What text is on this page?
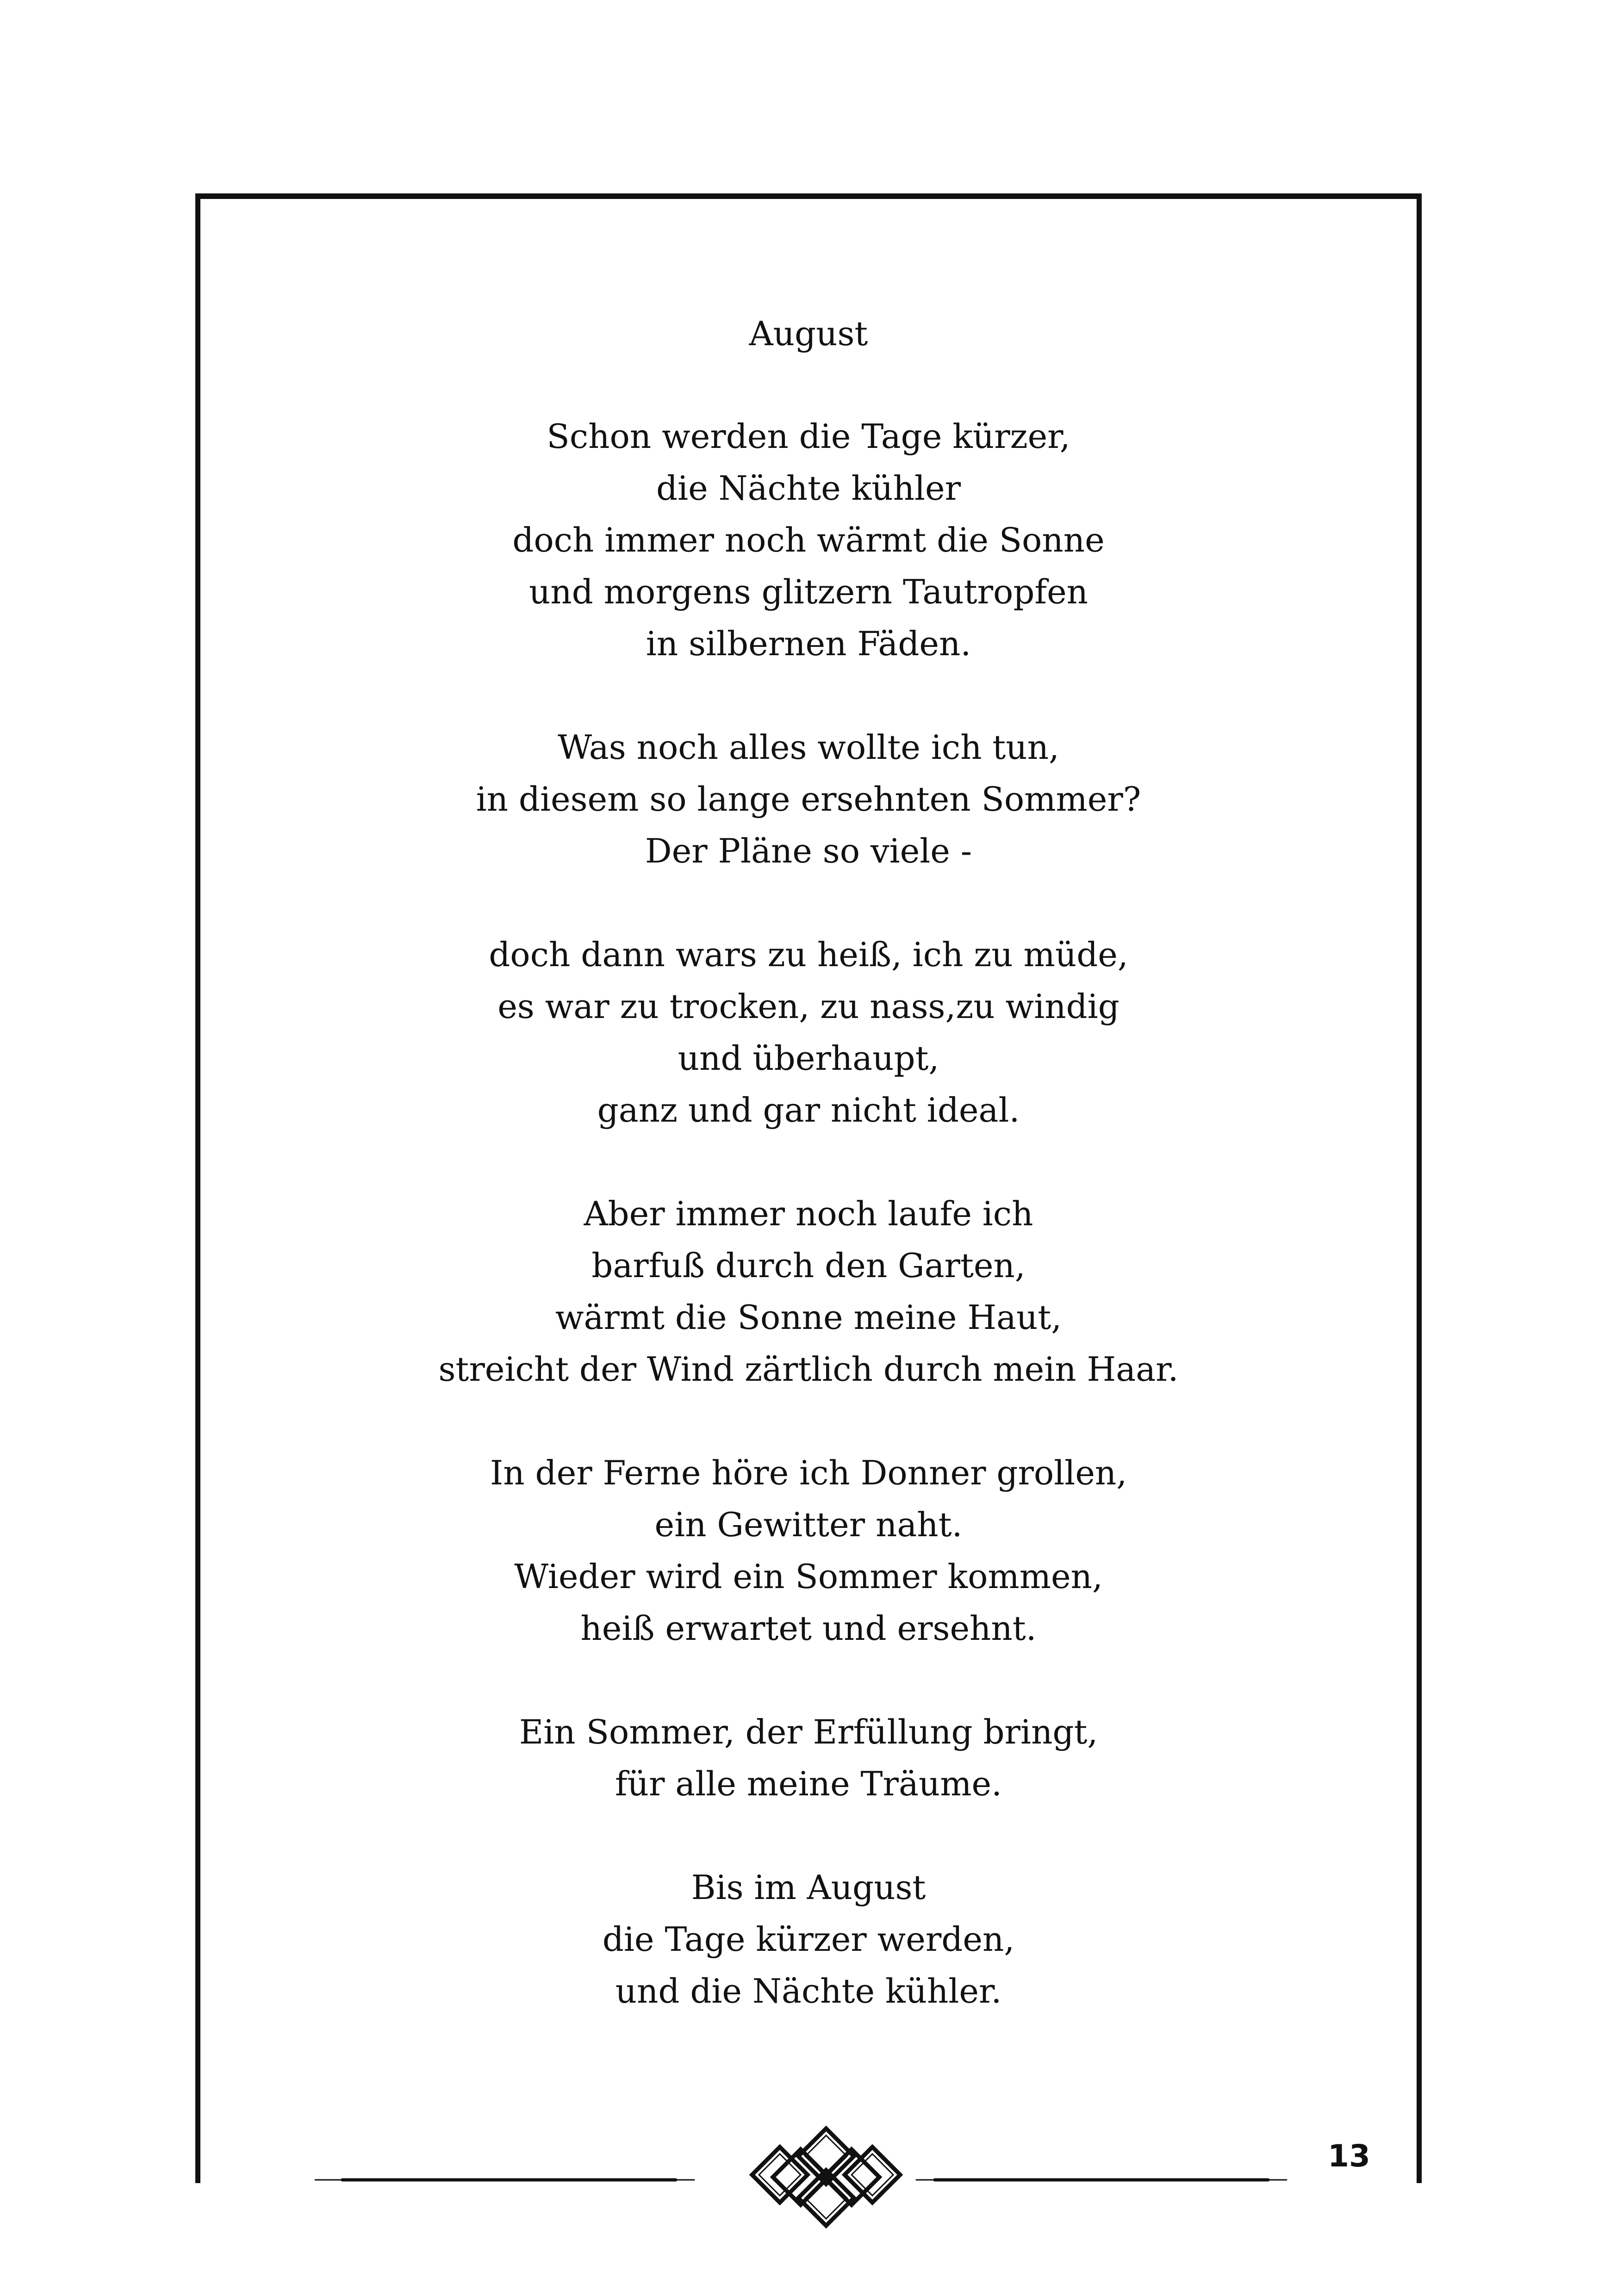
August
Schon werden die Tage kürzer,
die Nächte kühler
doch immer noch wärmt die Sonne
und morgens glitzern Tautropfen
in silbernen Fäden.
Was noch alles wollte ich tun,
in diesem so lange ersehnten Sommer?
Der Pläne so viele -
doch dann wars zu heiß, ich zu müde,
es war zu trocken, zu nass,zu windig
und überhaupt,
ganz und gar nicht ideal.
Aber immer noch laufe ich
barfuß durch den Garten,
wärmt die Sonne meine Haut,
streicht der Wind zärtlich durch mein Haar.
In der Ferne höre ich Donner grollen,
ein Gewitter naht.
Wieder wird ein Sommer kommen,
heiß erwartet und ersehnt.
Ein Sommer, der Erfüllung bringt,
für alle meine Träume.
Bis im August
die Tage kürzer werden,
und die Nächte kühler.
13
